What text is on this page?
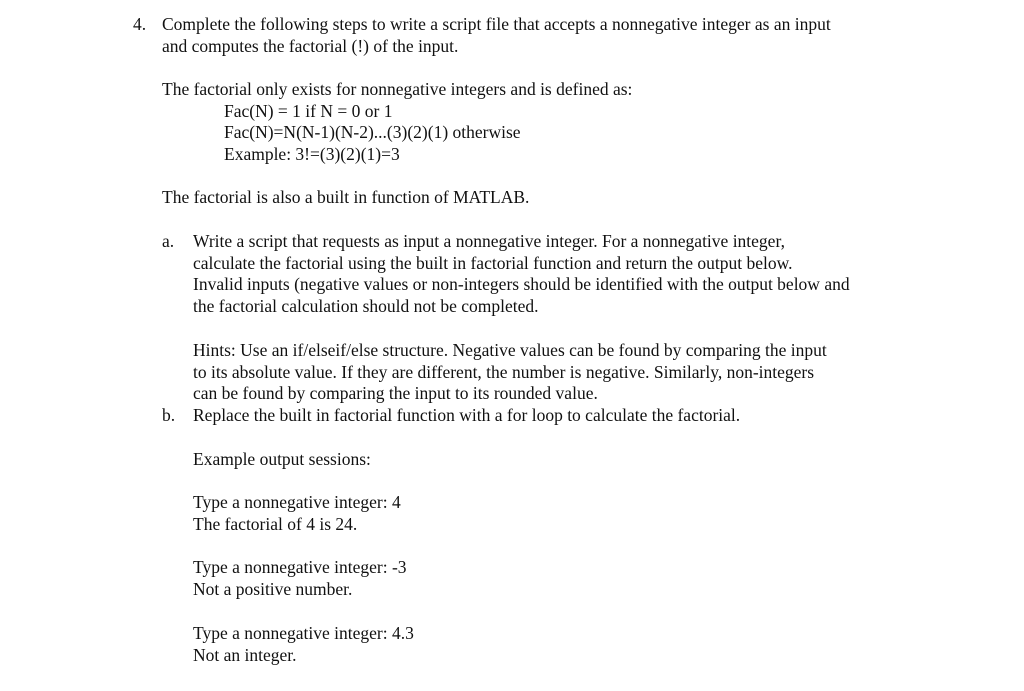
4. Complete the following steps to write a script file that accepts a nonnegative integer as an input
and computes the factorial (!) of the input.
The factorial only exists for nonnegative integers and is defined as:
Fac(N) = 1 if N = 0 or 1
Fac(N)=N(N-1)(N-2)...(3)(2)(1) otherwise
Example: 3!=(3)(2)(1)=3
The factorial is also a built in function of MATLAB.
a. Write a script that requests as input a nonnegative integer. For a nonnegative integer,
calculate the factorial using the built in factorial function and return the output below.
Invalid inputs (negative values or non-integers should be identified with the output below and
the factorial calculation should not be completed.
Hints: Use an if/elseif/else structure. Negative values can be found by comparing the input
to its absolute value. If they are different, the number is negative. Similarly, non-integers
can be found by comparing the input to its rounded value.
b. Replace the built in factorial function with a for loop to calculate the factorial.
Example output sessions:
Type a nonnegative integer: 4
The factorial of 4 is 24.
Type a nonnegative integer: -3
Not a positive number.
Type a nonnegative integer: 4.3
Not an integer.
